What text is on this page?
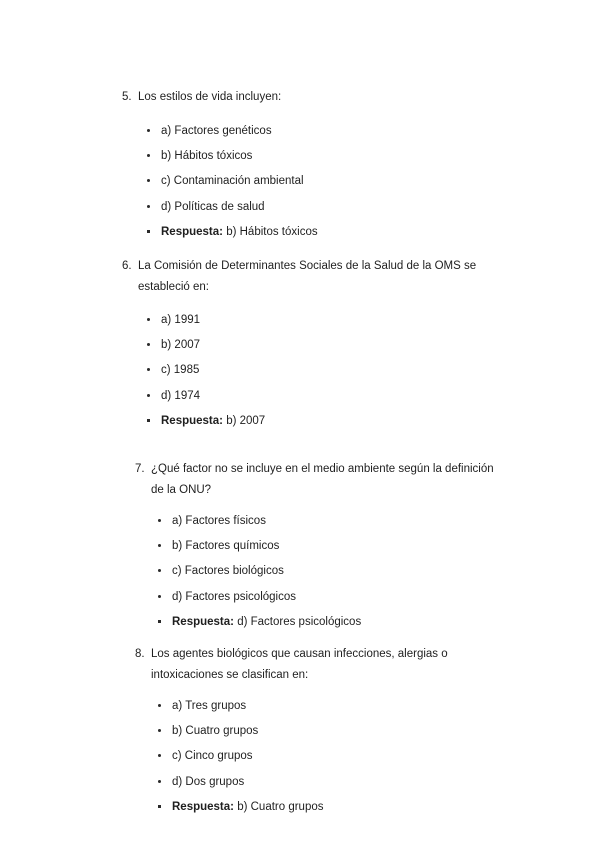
5. Los estilos de vida incluyen:
a) Factores genéticos
b) Hábitos tóxicos
c) Contaminación ambiental
d) Políticas de salud
Respuesta: b) Hábitos tóxicos
6. La Comisión de Determinantes Sociales de la Salud de la OMS se estableció en:
a) 1991
b) 2007
c) 1985
d) 1974
Respuesta: b) 2007
7. ¿Qué factor no se incluye en el medio ambiente según la definición de la ONU?
a) Factores físicos
b) Factores químicos
c) Factores biológicos
d) Factores psicológicos
Respuesta: d) Factores psicológicos
8. Los agentes biológicos que causan infecciones, alergias o intoxicaciones se clasifican en:
a) Tres grupos
b) Cuatro grupos
c) Cinco grupos
d) Dos grupos
Respuesta: b) Cuatro grupos
